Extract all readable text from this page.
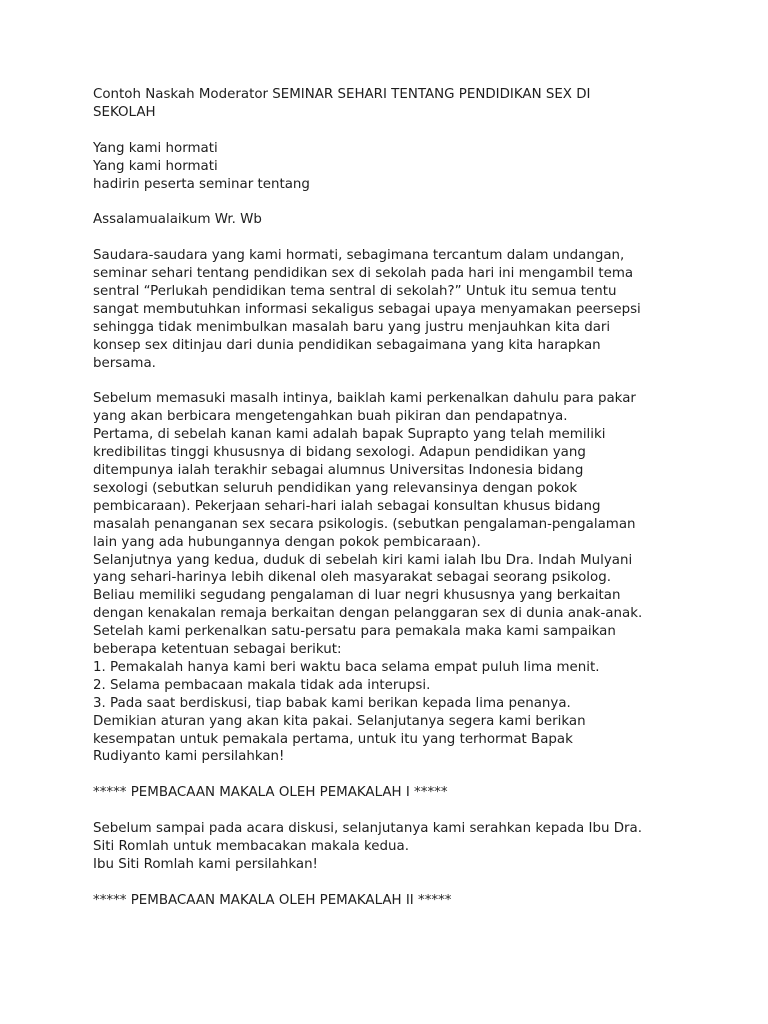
Contoh Naskah Moderator SEMINAR SEHARI TENTANG PENDIDIKAN SEX DI
SEKOLAH

Yang kami hormati
Yang kami hormati
hadirin peserta seminar tentang

Assalamualaikum Wr. Wb

Saudara-saudara yang kami hormati, sebagimana tercantum dalam undangan,
seminar sehari tentang pendidikan sex di sekolah pada hari ini mengambil tema
sentral “Perlukah pendidikan tema sentral di sekolah?” Untuk itu semua tentu
sangat membutuhkan informasi sekaligus sebagai upaya menyamakan peersepsi
sehingga tidak menimbulkan masalah baru yang justru menjauhkan kita dari
konsep sex ditinjau dari dunia pendidikan sebagaimana yang kita harapkan
bersama.

Sebelum memasuki masalh intinya, baiklah kami perkenalkan dahulu para pakar
yang akan berbicara mengetengahkan buah pikiran dan pendapatnya.
Pertama, di sebelah kanan kami adalah bapak Suprapto yang telah memiliki
kredibilitas tinggi khususnya di bidang sexologi. Adapun pendidikan yang
ditempunya ialah terakhir sebagai alumnus Universitas Indonesia bidang
sexologi (sebutkan seluruh pendidikan yang relevansinya dengan pokok
pembicaraan). Pekerjaan sehari-hari ialah sebagai konsultan khusus bidang
masalah penanganan sex secara psikologis. (sebutkan pengalaman-pengalaman
lain yang ada hubungannya dengan pokok pembicaraan).
Selanjutnya yang kedua, duduk di sebelah kiri kami ialah Ibu Dra. Indah Mulyani
yang sehari-harinya lebih dikenal oleh masyarakat sebagai seorang psikolog.
Beliau memiliki segudang pengalaman di luar negri khususnya yang berkaitan
dengan kenakalan remaja berkaitan dengan pelanggaran sex di dunia anak-anak.
Setelah kami perkenalkan satu-persatu para pemakala maka kami sampaikan
beberapa ketentuan sebagai berikut:
1. Pemakalah hanya kami beri waktu baca selama empat puluh lima menit.
2. Selama pembacaan makala tidak ada interupsi.
3. Pada saat berdiskusi, tiap babak kami berikan kepada lima penanya.
Demikian aturan yang akan kita pakai. Selanjutanya segera kami berikan
kesempatan untuk pemakala pertama, untuk itu yang terhormat Bapak
Rudiyanto kami persilahkan!

***** PEMBACAAN MAKALA OLEH PEMAKALAH I *****

Sebelum sampai pada acara diskusi, selanjutanya kami serahkan kepada Ibu Dra.
Siti Romlah untuk membacakan makala kedua.
Ibu Siti Romlah kami persilahkan!

***** PEMBACAAN MAKALA OLEH PEMAKALAH II *****
